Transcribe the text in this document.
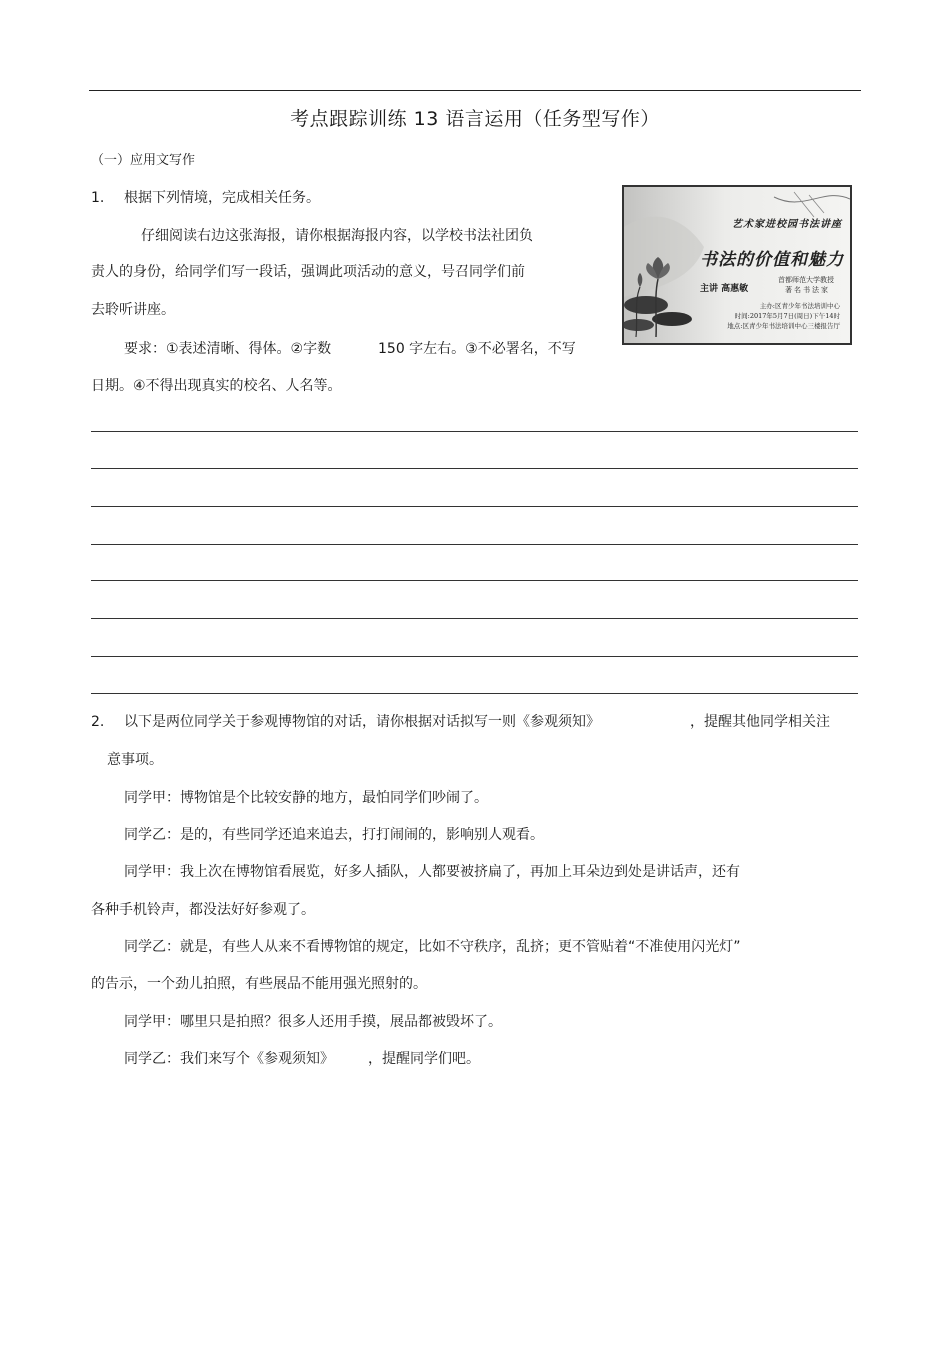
考点跟踪训练 13 语言运用（任务型写作）
（一）应用文写作
1. 根据下列情境，完成相关任务。
仔细阅读右边这张海报，请你根据海报内容，以学校书法社团负
责人的身份，给同学们写一段话，强调此项活动的意义，号召同学们前
去聆听讲座。
要求：①表述清晰、得体。②字数	150 字左右。③不必署名，不写
日期。④不得出现真实的校名、人名等。
艺术家进校园书法讲座
书法的价值和魅力
主讲 高惠敏
首都师范大学教授
著名书法家
主办:区青少年书法培训中心
时间:2017年5月7日(周日)下午14时
地点:区青少年书法培训中心三楼报告厅
2. 以下是两位同学关于参观博物馆的对话，请你根据对话拟写一则《参观须知》	，提醒其他同学相关注
意事项。
同学甲：博物馆是个比较安静的地方，最怕同学们吵闹了。
同学乙：是的，有些同学还追来追去，打打闹闹的，影响别人观看。
同学甲：我上次在博物馆看展览，好多人插队，人都要被挤扁了，再加上耳朵边到处是讲话声，还有
各种手机铃声，都没法好好参观了。
同学乙：就是，有些人从来不看博物馆的规定，比如不守秩序，乱挤；更不管贴着“不准使用闪光灯”
的告示，一个劲儿拍照，有些展品不能用强光照射的。
同学甲：哪里只是拍照？很多人还用手摸，展品都被毁坏了。
同学乙：我们来写个《参观须知》 ，提醒同学们吧。
